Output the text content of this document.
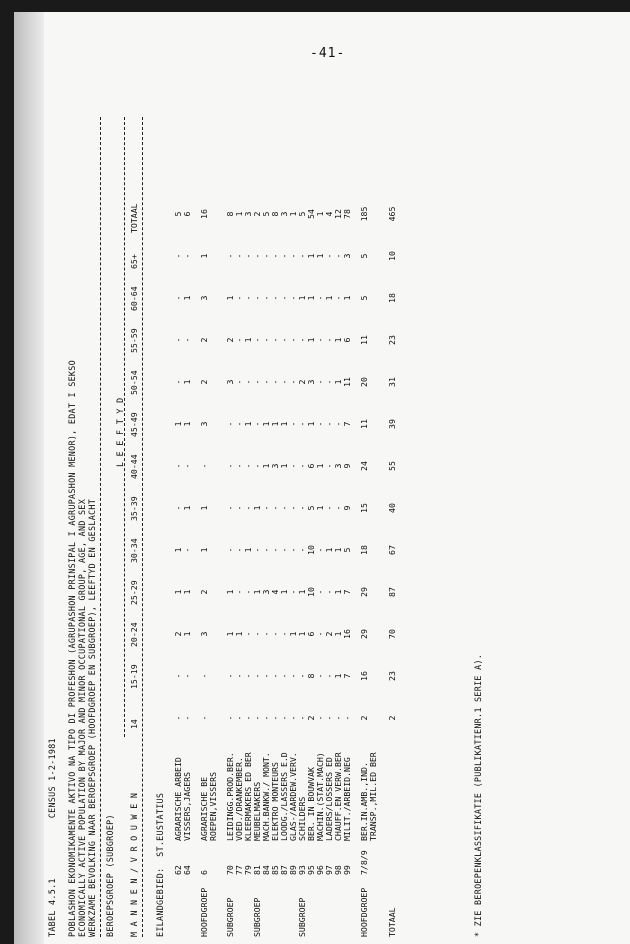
-41-
TABEL 4.5.1CENSUS 1-2-1981 POBLASHON EKONOMIKAMENTE AKTIVO NA TIPO DI PROFESHON (AGRUPASHON PRINSIPAL I AGRUPASHON MENOR), EDAT I SEKSO ECONOMICALLY ACTIVE POPULATION BY MAJOR AND MINOR OCCUPATIONAL GROUP, AGE, AND SEX WERKZAME BEVOLKING NAAR BEROEPSGROEP (HOOFDGROEP EN SUBGROEP), LEEFTYD EN GESLACHT BEROEPSGROEP (SUBGROEP)
L E E F T Y D
M A N N E N / V R O U W E N
14
15-19
20-24
25-29
30-34
35-39
40-44
45-49
50-54
55-59
60-64
65+
TOTAAL
EILANDGEBIED:  ST.EUSTATIUS 62
AGRARISCHE ARBEID
-
-
2
1
1
-
-
1
-
-
-
-
5
64
VISSERS,JAGERS
-
-
1
1
-
1
-
1
1
-
1
-
6
HOOFDGROEP
6
AGRARISCHE BE
-
-
3
2
1
1
-
3
2
2
3
1
16
ROEPEN,VISSERS
SUBGROEP
70
LEIDINGG.PROD.BER.
-
-
1
1
-
-
-
-
3
2
1
-
8
77
VOED./DRANKEMBER.
-
-
1
-
-
-
-
-
-
-
-
-
1
79
KLEERMAKERS ED BER
-
-
-
-
1
-
-
1
-
1
-
-
3
SUBGROEP
81
MEUBELMAKERS
-
-
-
1
-
1
-
-
-
-
-
-
2
84
MACH.BANKW./ MONT.
-
-
-
3
-
-
1
1
-
-
-
-
5
85
ELEKTRO MONTEURS
-
-
-
4
-
-
3
1
-
-
-
-
8
87
LOODG./LASSERS E.D
-
-
-
1
-
-
1
1
-
-
-
-
3
89
GLAS-/AARDEW.VERV.
-
-
1
-
-
-
-
-
-
-
-
-
1
SUBGROEP
93
SCHILDERS
-
-
1
1
-
-
-
-
2
-
1
-
5
95
BER. IN BOUWVAK
2
8
6
10
10
5
6
1
3
1
1
1
54
96
MACHIN.(STAT.MACH)
-
-
-
-
-
1
1
-
-
-
-
1
1
97
LADERS/LOSSERS ED
-
-
2
-
1
-
-
-
-
-
1
-
4
98
CHAUFF.EN VERW.BER
-
1
1
1
1
-
3
-
1
1
-
-
12
99
MILIT./ARBEID.NEG
-
7
16
7
5
9
9
7
11
6
1
3
78
HOOFDGROEP
7/8/9
BER.IN.AMB.,IND.
2
16
29
29
18
15
24
11
20
11
5
5
185
TRANSP.,MIL.ED BER
TOTAAL
2
23
70
87
67
40
55
39
31
23
18
10
465
* ZIE BEROEPENKLASSIFIKATIE (PUBLIKATIENR.1 SERIE A).
